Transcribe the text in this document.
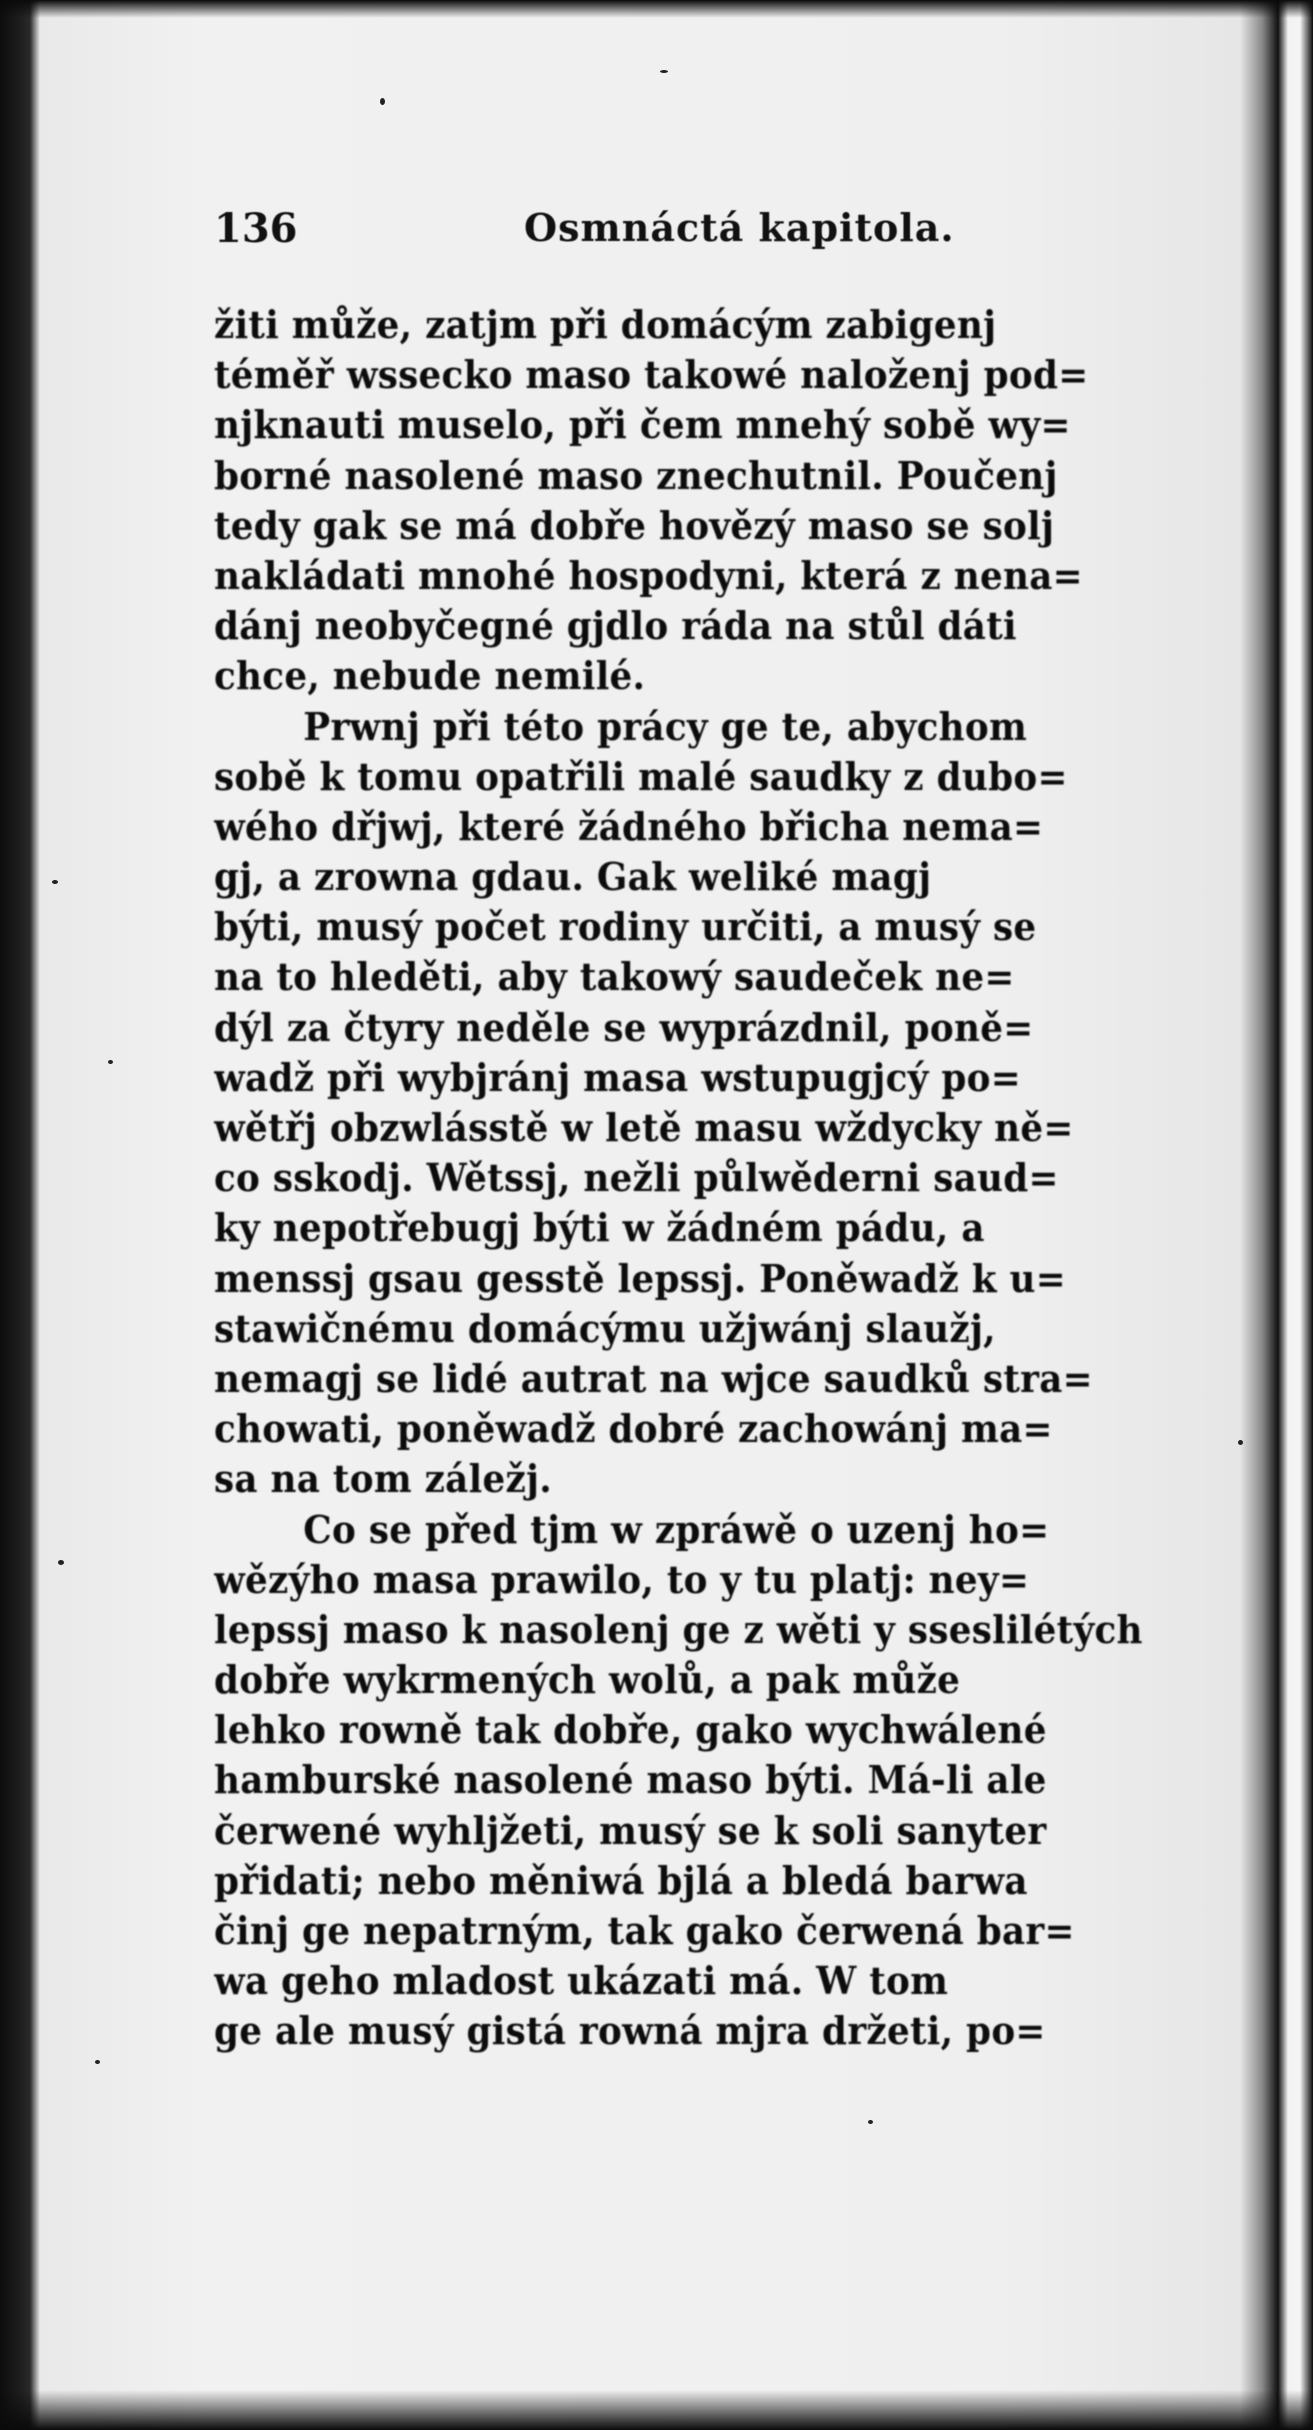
136	Osmnáctá kapitola.
žiti může, zatjm při domácým zabigenj
téměř wssecko maso takowé naloženj pod=
njknauti muselo, při čem mnehý sobě wy=
borné nasolené maso znechutnil. Poučenj
tedy gak se má dobře hovězý maso se solj
nakládati mnohé hospodyni, která z nena=
dánj neobyčegné gjdlo ráda na stůl dáti
chce, nebude nemilé.
Prwnj při této prácy ge te, abychom
sobě k tomu opatřili malé saudky z dubo=
wého dřjwj, které žádného břicha nema=
gj, a zrowna gdau. Gak weliké magj
býti, musý počet rodiny určiti, a musý se
na to hleděti, aby takowý saudeček ne=
dýl za čtyry neděle se wyprázdnil, poně=
wadž při wybjránj masa wstupugjcý po=
wětřj obzwlásstě w letě masu wždycky ně=
co sskodj. Wětssj, nežli půlwěderni saud=
ky nepotřebugj býti w žádném pádu, a
menssj gsau gesstě lepssj. Poněwadž k u=
stawičnému domácýmu užjwánj slaužj,
nemagj se lidé autrat na wjce saudků stra=
chowati, poněwadž dobré zachowánj ma=
sa na tom záležj.
Co se před tjm w zpráwě o uzenj ho=
wězýho masa prawilo, to y tu platj: ney=
lepssj maso k nasolenj ge z wěti y sseslilétých
dobře wykrmených wolů, a pak může
lehko rowně tak dobře, gako wychwálené
hamburské nasolené maso býti. Má-li ale
čerwené wyhljžeti, musý se k soli sanyter
přidati; nebo měniwá bjlá a bledá barwa
činj ge nepatrným, tak gako čerwená bar=
wa geho mladost ukázati má. W tom
ge ale musý gistá rowná mjra držeti, po=
